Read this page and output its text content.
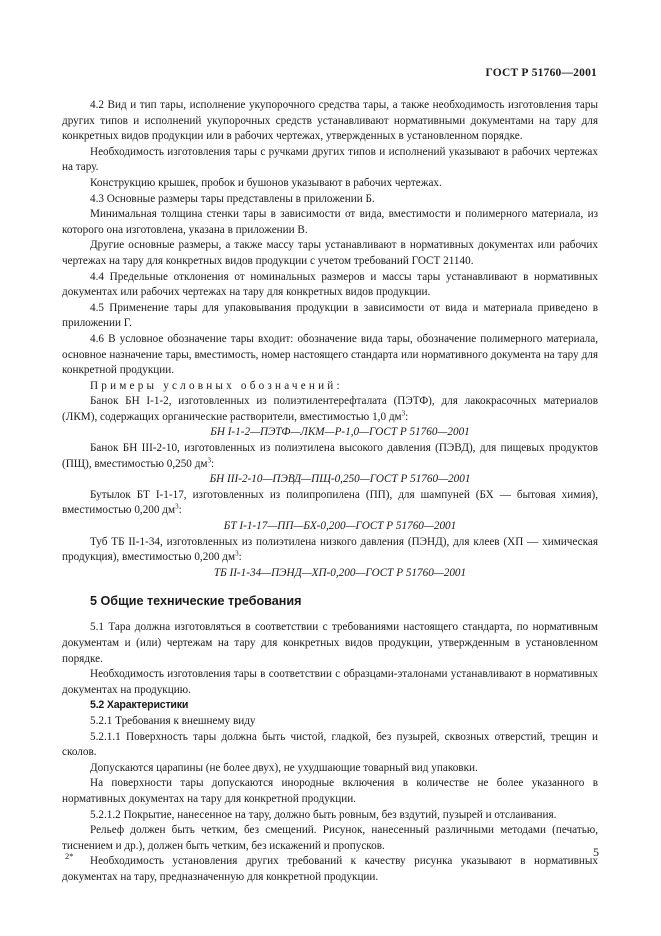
ГОСТ Р 51760—2001

4.2 Вид и тип тары, исполнение укупорочного средства тары, а также необходимость изготовления тары других типов и исполнений укупорочных средств устанавливают нормативными документами на тару для конкретных видов продукции или в рабочих чертежах, утвержденных в установленном порядке.

Необходимость изготовления тары с ручками других типов и исполнений указывают в рабочих чертежах на тару.

Конструкцию крышек, пробок и бушонов указывают в рабочих чертежах.

4.3 Основные размеры тары представлены в приложении Б.

Минимальная толщина стенки тары в зависимости от вида, вместимости и полимерного материала, из которого она изготовлена, указана в приложении В.

Другие основные размеры, а также массу тары устанавливают в нормативных документах или рабочих чертежах на тару для конкретных видов продукции с учетом требований ГОСТ 21140.

4.4 Предельные отклонения от номинальных размеров и массы тары устанавливают в нормативных документах или рабочих чертежах на тару для конкретных видов продукции.

4.5 Применение тары для упаковывания продукции в зависимости от вида и материала приведено в приложении Г.

4.6 В условное обозначение тары входит: обозначение вида тары, обозначение полимерного материала, основное назначение тары, вместимость, номер настоящего стандарта или нормативного документа на тару для конкретной продукции.

Примеры условных обозначений:

Банок БН I-1-2, изготовленных из полиэтилентерефталата (ПЭТФ), для лакокрасочных материалов (ЛКМ), содержащих органические растворители, вместимостью 1,0 $дм^3$:

БН I-1-2—ПЭТФ—ЛКМ—Р-1,0—ГОСТ Р 51760—2001

Банок БН III-2-10, изготовленных из полиэтилена высокого давления (ПЭВД), для пищевых продуктов (ПЩ), вместимостью 0,250 $дм^3$:

БН III-2-10—ПЭВД—ПЩ-0,250—ГОСТ Р 51760—2001

Бутылок БТ I-1-17, изготовленных из полипропилена (ПП), для шампуней (БХ — бытовая химия), вместимостью 0,200 $дм^3$:

БТ I-1-17—ПП—БХ-0,200—ГОСТ Р 51760—2001

Туб ТБ II-1-34, изготовленных из полиэтилена низкого давления (ПЭНД), для клеев (ХП — химическая продукция), вместимостью 0,200 $дм^3$:

ТБ II-1-34—ПЭНД—ХП-0,200—ГОСТ Р 51760—2001

5 Общие технические требования

5.1 Тара должна изготовляться в соответствии с требованиями настоящего стандарта, по нормативным документам и (или) чертежам на тару для конкретных видов продукции, утвержденным в установленном порядке.

Необходимость изготовления тары в соответствии с образцами-эталонами устанавливают в нормативных документах на продукцию.

5.2 Характеристики

5.2.1 Требования к внешнему виду

5.2.1.1 Поверхность тары должна быть чистой, гладкой, без пузырей, сквозных отверстий, трещин и сколов.

Допускаются царапины (не более двух), не ухудшающие товарный вид упаковки.

На поверхности тары допускаются инородные включения в количестве не более указанного в нормативных документах на тару для конкретной продукции.

5.2.1.2 Покрытие, нанесенное на тару, должно быть ровным, без вздутий, пузырей и отслаивания.

Рельеф должен быть четким, без смещений. Рисунок, нанесенный различными методами (печатью, тиснением и др.), должен быть четким, без искажений и пропусков.

Необходимость установления других требований к качеству рисунка указывают в нормативных документах на тару, предназначенную для конкретной продукции.

2*	5
